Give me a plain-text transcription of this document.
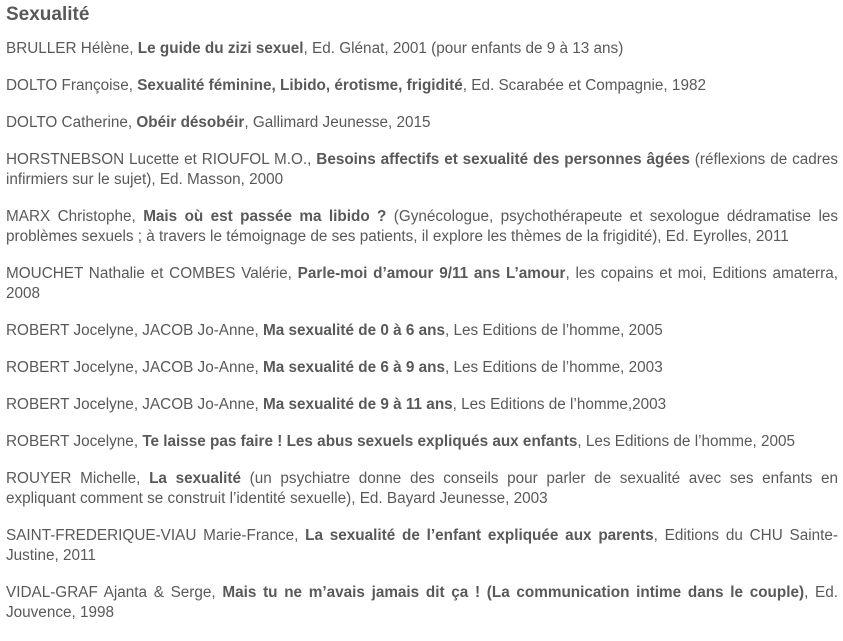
Sexualité
BRULLER Hélène, Le guide du zizi sexuel, Ed. Glénat, 2001 (pour enfants de 9 à 13 ans)
DOLTO Françoise, Sexualité féminine, Libido, érotisme, frigidité, Ed. Scarabée et Compagnie, 1982
DOLTO Catherine, Obéir désobéir, Gallimard Jeunesse, 2015
HORSTNEBSON Lucette et RIOUFOL M.O., Besoins affectifs et sexualité des personnes âgées (réflexions de cadres infirmiers sur le sujet), Ed. Masson, 2000
MARX Christophe, Mais où est passée ma libido ? (Gynécologue, psychothérapeute et sexologue dédramatise les problèmes sexuels ; à travers le témoignage de ses patients, il explore les thèmes de la frigidité), Ed. Eyrolles, 2011
MOUCHET Nathalie et COMBES Valérie, Parle-moi d’amour 9/11 ans L’amour, les copains et moi, Editions amaterra, 2008
ROBERT Jocelyne, JACOB Jo-Anne, Ma sexualité de 0 à 6 ans, Les Editions de l’homme, 2005
ROBERT Jocelyne, JACOB Jo-Anne, Ma sexualité de 6 à 9 ans, Les Editions de l’homme, 2003
ROBERT Jocelyne, JACOB Jo-Anne, Ma sexualité de 9 à 11 ans, Les Editions de l’homme,2003
ROBERT Jocelyne, Te laisse pas faire ! Les abus sexuels expliqués aux enfants, Les Editions de l’homme, 2005
ROUYER Michelle, La sexualité (un psychiatre donne des conseils pour parler de sexualité avec ses enfants en expliquant comment se construit l’identité sexuelle), Ed. Bayard Jeunesse, 2003
SAINT-FREDERIQUE-VIAU Marie-France, La sexualité de l’enfant expliquée aux parents, Editions du CHU Sainte-Justine, 2011
VIDAL-GRAF Ajanta & Serge, Mais tu ne m’avais jamais dit ça ! (La communication intime dans le couple), Ed. Jouvence, 1998
